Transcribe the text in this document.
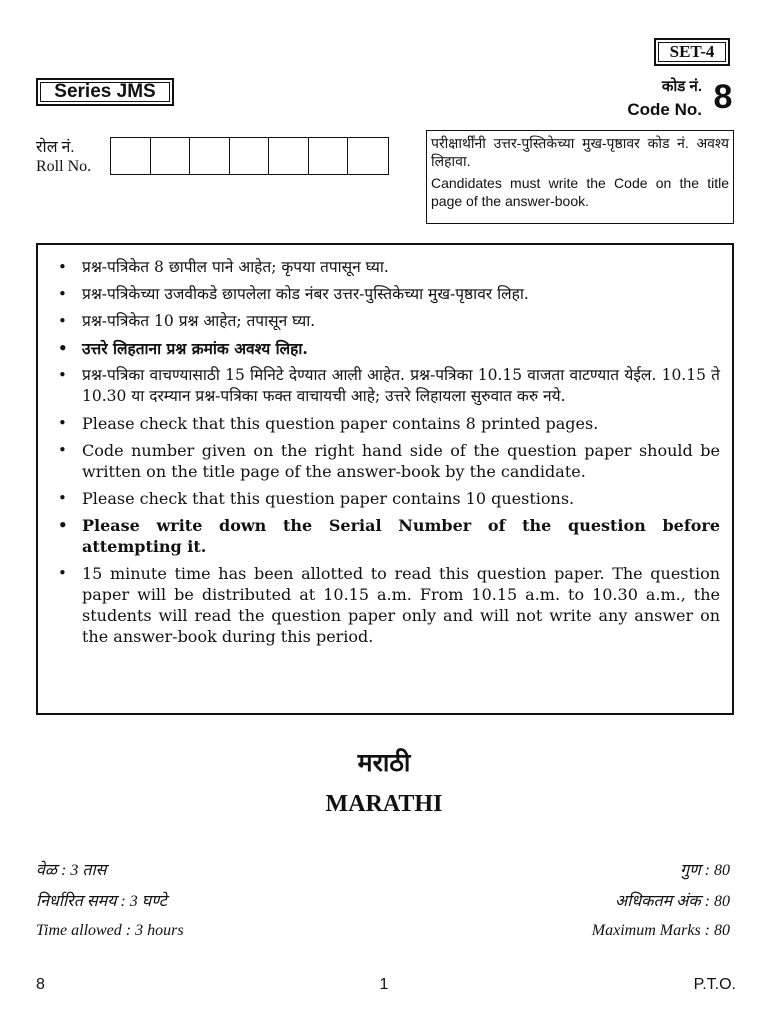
SET-4
Series JMS	कोड नं.
Code No. 8
रोल नं.
Roll No.

परीक्षार्थींनी उत्तर-पुस्तिकेच्या मुख-पृष्ठावर कोड नं. अवश्य लिहावा.

Candidates must write the Code on the title page of the answer-book.

• प्रश्न-पत्रिकेत 8 छापील पाने आहेत; कृपया तपासून घ्या.
• प्रश्न-पत्रिकेच्या उजवीकडे छापलेला कोड नंबर उत्तर-पुस्तिकेच्या मुख-पृष्ठावर लिहा.
• प्रश्न-पत्रिकेत 10 प्रश्न आहेत; तपासून घ्या.
• उत्तरे लिहताना प्रश्न क्रमांक अवश्य लिहा.
• प्रश्न-पत्रिका वाचण्यासाठी 15 मिनिटे देण्यात आली आहेत. प्रश्न-पत्रिका 10.15 वाजता वाटण्यात येईल. 10.15 ते 10.30 या दरम्यान प्रश्न-पत्रिका फक्त वाचायची आहे; उत्तरे लिहायला सुरुवात करु नये.
• Please check that this question paper contains 8 printed pages.
• Code number given on the right hand side of the question paper should be written on the title page of the answer-book by the candidate.
• Please check that this question paper contains 10 questions.
• Please write down the Serial Number of the question before attempting it.
• 15 minute time has been allotted to read this question paper. The question paper will be distributed at 10.15 a.m. From 10.15 a.m. to 10.30 a.m., the students will read the question paper only and will not write any answer on the answer-book during this period.
मराठी
MARATHI
वेळ : 3 तास
निर्धारित समय : 3 घण्टे
Time allowed : 3 hours
गुण : 80
अधिकतम अंक : 80
Maximum Marks : 80
8	1	P.T.O.
